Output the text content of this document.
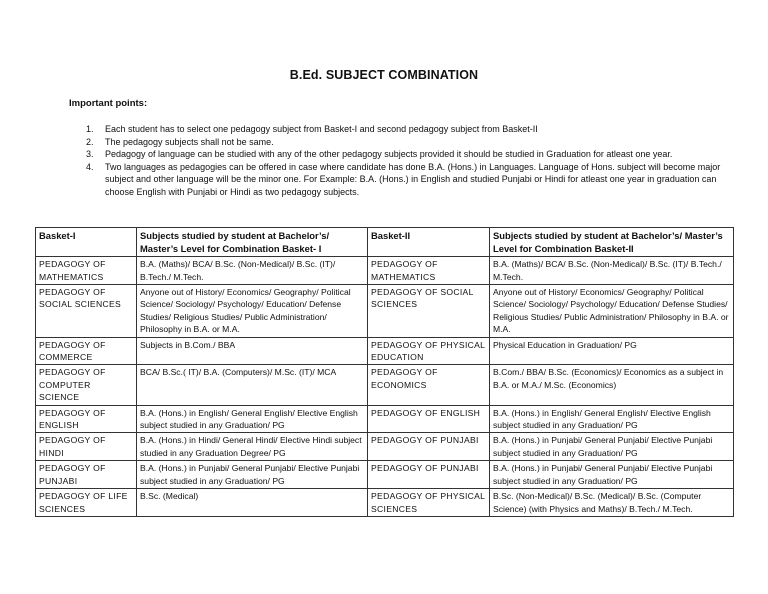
B.Ed. SUBJECT COMBINATION
Important points:
1. Each student has to select one pedagogy subject from Basket-I and second pedagogy subject from Basket-II
2. The pedagogy subjects shall not be same.
3. Pedagogy of language can be studied with any of the other pedagogy subjects provided it should be studied in Graduation for atleast one year.
4. Two languages as pedagogies can be offered in case where candidate has done B.A. (Hons.) in Languages. Language of Hons. subject will become major subject and other language will be the minor one. For Example: B.A. (Hons.) in English and studied Punjabi or Hindi for atleast one year in graduation can choose English with Punjabi or Hindi as two pedagogy subjects.
Basket-I	Subjects studied by student at Bachelor’s/ Master’s Level for Combination Basket- I	Basket-II	Subjects studied by student at Bachelor’s/ Master’s Level for Combination Basket-II
PEDAGOGY OF MATHEMATICS	B.A. (Maths)/ BCA/ B.Sc. (Non-Medical)/ B.Sc. (IT)/ B.Tech./ M.Tech.	PEDAGOGY OF MATHEMATICS	B.A. (Maths)/ BCA/ B.Sc. (Non-Medical)/ B.Sc. (IT)/ B.Tech./ M.Tech.
PEDAGOGY OF SOCIAL SCIENCES	Anyone out of History/ Economics/ Geography/ Political Science/ Sociology/ Psychology/ Education/ Defense Studies/ Religious Studies/ Public Administration/ Philosophy in B.A. or M.A.	PEDAGOGY OF SOCIAL SCIENCES	Anyone out of History/ Economics/ Geography/ Political Science/ Sociology/ Psychology/ Education/ Defense Studies/ Religious Studies/ Public Administration/ Philosophy in B.A. or M.A.
PEDAGOGY OF COMMERCE	Subjects in B.Com./ BBA	PEDAGOGY OF PHYSICAL EDUCATION	Physical Education in Graduation/ PG
PEDAGOGY OF COMPUTER SCIENCE	BCA/ B.Sc.( IT)/ B.A. (Computers)/ M.Sc. (IT)/ MCA	PEDAGOGY OF ECONOMICS	B.Com./ BBA/ B.Sc. (Economics)/ Economics as a subject in B.A. or M.A./ M.Sc. (Economics)
PEDAGOGY OF ENGLISH	B.A. (Hons.) in English/ General English/ Elective English subject studied in any Graduation/ PG	PEDAGOGY OF ENGLISH	B.A. (Hons.) in English/ General English/ Elective English subject studied in any Graduation/ PG
PEDAGOGY OF HINDI	B.A. (Hons.) in Hindi/ General Hindi/ Elective Hindi subject studied in any Graduation Degree/ PG	PEDAGOGY OF PUNJABI	B.A. (Hons.) in Punjabi/ General Punjabi/ Elective Punjabi subject studied in any Graduation/ PG
PEDAGOGY OF PUNJABI	B.A. (Hons.) in Punjabi/ General Punjabi/ Elective Punjabi subject studied in any Graduation/ PG	PEDAGOGY OF PUNJABI	B.A. (Hons.) in Punjabi/ General Punjabi/ Elective Punjabi subject studied in any Graduation/ PG
PEDAGOGY OF LIFE SCIENCES	B.Sc. (Medical)	PEDAGOGY OF PHYSICAL SCIENCES	B.Sc. (Non-Medical)/ B.Sc. (Medical)/ B.Sc. (Computer Science) (with Physics and Maths)/ B.Tech./ M.Tech.
